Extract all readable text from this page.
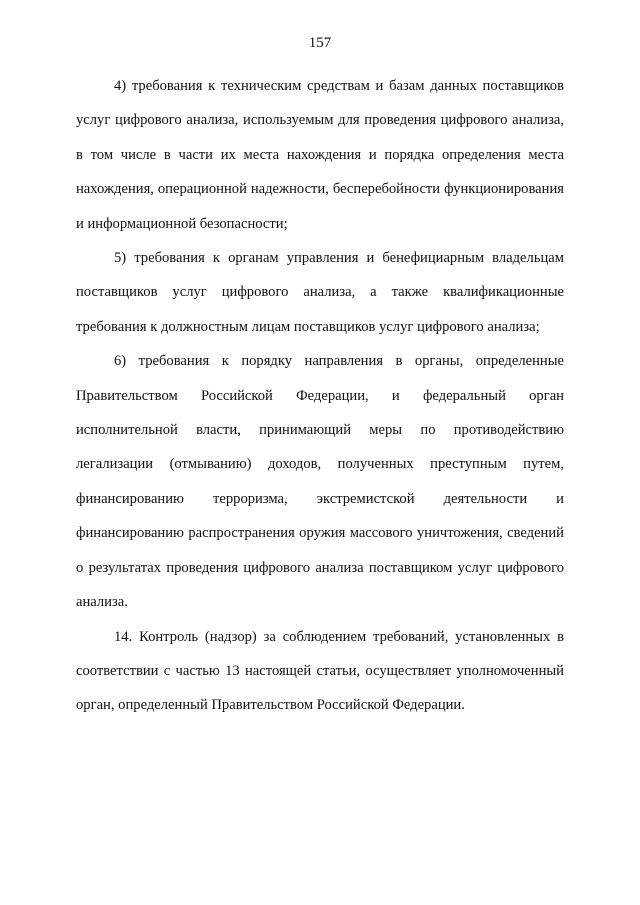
157

4) требования к техническим средствам и базам данных поставщиков услуг цифрового анализа, используемым для проведения цифрового анализа, в том числе в части их места нахождения и порядка определения места нахождения, операционной надежности, бесперебойности функционирования и информационной безопасности;

5) требования к органам управления и бенефициарным владельцам поставщиков услуг цифрового анализа, а также квалификационные требования к должностным лицам поставщиков услуг цифрового анализа;

6) требования к порядку направления в органы, определенные Правительством Российской Федерации, и федеральный орган исполнительной власти, принимающий меры по противодействию легализации (отмыванию) доходов, полученных преступным путем, финансированию терроризма, экстремистской деятельности и финансированию распространения оружия массового уничтожения, сведений о результатах проведения цифрового анализа поставщиком услуг цифрового анализа.

14. Контроль (надзор) за соблюдением требований, установленных в соответствии с частью 13 настоящей статьи, осуществляет уполномоченный орган, определенный Правительством Российской Федерации.
